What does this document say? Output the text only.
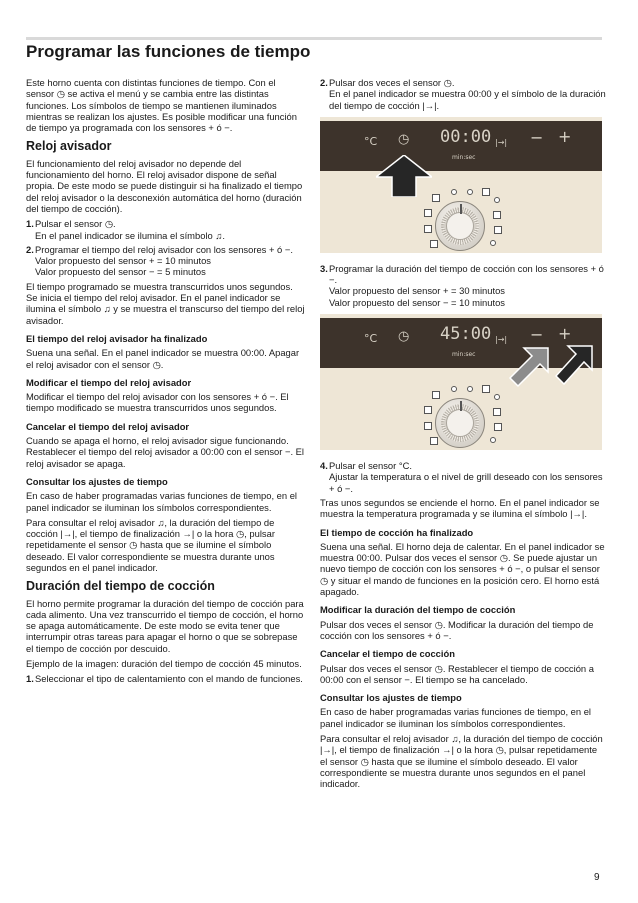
Programar las funciones de tiempo

Este horno cuenta con distintas funciones de tiempo. Con el sensor ◷ se activa el menú y se cambia entre las distintas funciones. Los símbolos de tiempo se mantienen iluminados mientras se realizan los ajustes. Es posible modificar una función de tiempo ya programada con los sensores + ó −.

Reloj avisador

El funcionamiento del reloj avisador no depende del funcionamiento del horno. El reloj avisador dispone de señal propia. De este modo se puede distinguir si ha finalizado el tiempo del reloj avisador o la desconexión automática del horno (duración del tiempo de cocción).

1. Pulsar el sensor ◷.
En el panel indicador se ilumina el símbolo ♫.
2. Programar el tiempo del reloj avisador con los sensores + ó −.
Valor propuesto del sensor + = 10 minutos
Valor propuesto del sensor − = 5 minutos

El tiempo programado se muestra transcurridos unos segundos. Se inicia el tiempo del reloj avisador. En el panel indicador se ilumina el símbolo ♫ y se muestra el transcurso del tiempo del reloj avisador.

El tiempo del reloj avisador ha finalizado

Suena una señal. En el panel indicador se muestra 00:00. Apagar el reloj avisador con el sensor ◷.

Modificar el tiempo del reloj avisador

Modificar el tiempo del reloj avisador con los sensores + ó −. El tiempo modificado se muestra transcurridos unos segundos.

Cancelar el tiempo del reloj avisador

Cuando se apaga el horno, el reloj avisador sigue funcionando. Restablecer el tiempo del reloj avisador a 00:00 con el sensor −. El reloj avisador se apaga.

Consultar los ajustes de tiempo

En caso de haber programadas varias funciones de tiempo, en el panel indicador se iluminan los símbolos correspondientes.

Para consultar el reloj avisador ♫, la duración del tiempo de cocción |→|, el tiempo de finalización →| o la hora ◷, pulsar repetidamente el sensor ◷ hasta que se ilumine el símbolo deseado. El valor correspondiente se muestra durante unos segundos en el panel indicador.

Duración del tiempo de cocción

El horno permite programar la duración del tiempo de cocción para cada alimento. Una vez transcurrido el tiempo de cocción, el horno se apaga automáticamente. De este modo se evita tener que interrumpir otras tareas para apagar el horno o que se sobrepase el tiempo de cocción por descuido.

Ejemplo de la imagen: duración del tiempo de cocción 45 minutos.

1. Seleccionar el tipo de calentamiento con el mando de funciones.
2. Pulsar dos veces el sensor ◷.
En el panel indicador se muestra 00:00 y el símbolo de la duración del tiempo de cocción |→|.
°C ◷ 00:00
min:sec
|→| − +
3. Programar la duración del tiempo de cocción con los sensores + ó −.
Valor propuesto del sensor + = 30 minutos
Valor propuesto del sensor − = 10 minutos
°C ◷ 45:00
min:sec
|→| − +
4. Pulsar el sensor °C.
Ajustar la temperatura o el nivel de grill deseado con los sensores + ó −.

Tras unos segundos se enciende el horno. En el panel indicador se muestra la temperatura programada y se ilumina el símbolo |→|.

El tiempo de cocción ha finalizado

Suena una señal. El horno deja de calentar. En el panel indicador se muestra 00:00. Pulsar dos veces el sensor ◷. Se puede ajustar un nuevo tiempo de cocción con los sensores + ó −, o pulsar el sensor ◷ y situar el mando de funciones en la posición cero. El horno está apagado.

Modificar la duración del tiempo de cocción

Pulsar dos veces el sensor ◷. Modificar la duración del tiempo de cocción con los sensores + ó −.

Cancelar el tiempo de cocción

Pulsar dos veces el sensor ◷. Restablecer el tiempo de cocción a 00:00 con el sensor −. El tiempo se ha cancelado.

Consultar los ajustes de tiempo

En caso de haber programadas varias funciones de tiempo, en el panel indicador se iluminan los símbolos correspondientes.

Para consultar el reloj avisador ♫, la duración del tiempo de cocción |→|, el tiempo de finalización →| o la hora ◷, pulsar repetidamente el sensor ◷ hasta que se ilumine el símbolo deseado. El valor correspondiente se muestra durante unos segundos en el panel indicador.

9
